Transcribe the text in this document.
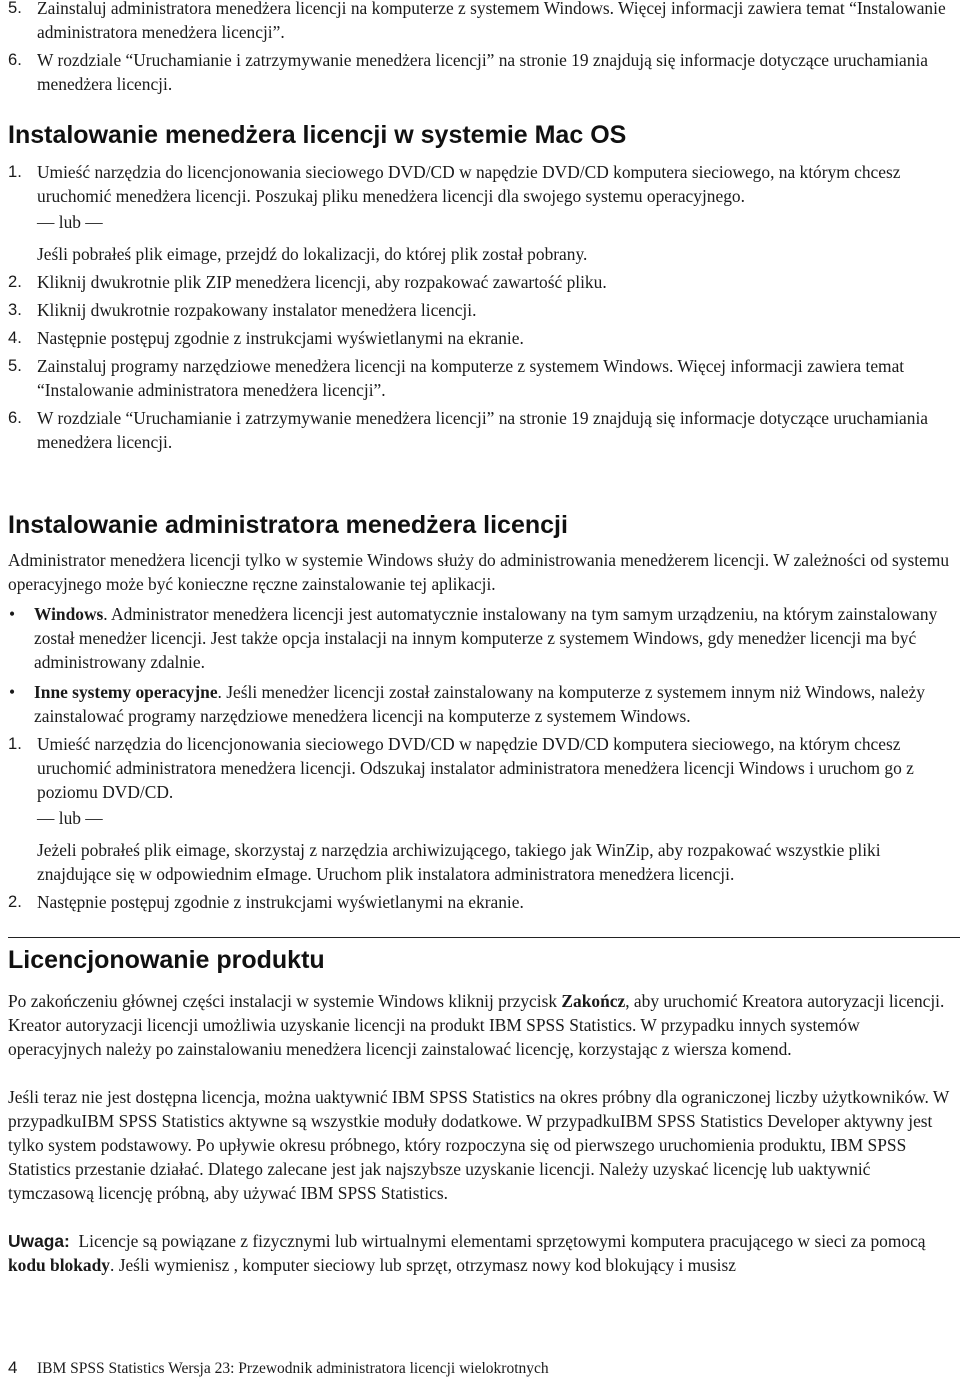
5. Zainstaluj administratora menedżera licencji na komputerze z systemem Windows. Więcej informacji zawiera temat “Instalowanie administratora menedżera licencji”.
6. W rozdziale “Uruchamianie i zatrzymywanie menedżera licencji” na stronie 19 znajdują się informacje dotyczące uruchamiania menedżera licencji.
Instalowanie menedżera licencji w systemie Mac OS
1. Umieść narzędzia do licencjonowania sieciowego DVD/CD w napędzie DVD/CD komputera sieciowego, na którym chcesz uruchomić menedżera licencji. Poszukaj pliku menedżera licencji dla swojego systemu operacyjnego.

— lub —

Jeśli pobrałeś plik eimage, przejdź do lokalizacji, do której plik został pobrany.

2. Kliknij dwukrotnie plik ZIP menedżera licencji, aby rozpakować zawartość pliku.
3. Kliknij dwukrotnie rozpakowany instalator menedżera licencji.
4. Następnie postępuj zgodnie z instrukcjami wyświetlanymi na ekranie.
5. Zainstaluj programy narzędziowe menedżera licencji na komputerze z systemem Windows. Więcej informacji zawiera temat “Instalowanie administratora menedżera licencji”.
6. W rozdziale “Uruchamianie i zatrzymywanie menedżera licencji” na stronie 19 znajdują się informacje dotyczące uruchamiania menedżera licencji.
Instalowanie administratora menedżera licencji

Administrator menedżera licencji tylko w systemie Windows służy do administrowania menedżerem licencji. W zależności od systemu operacyjnego może być konieczne ręczne zainstalowanie tej aplikacji.

•	Windows. Administrator menedżera licencji jest automatycznie instalowany na tym samym urządzeniu, na którym zainstalowany został menedżer licencji. Jest także opcja instalacji na innym komputerze z systemem Windows, gdy menedżer licencji ma być administrowany zdalnie.
•	Inne systemy operacyjne. Jeśli menedżer licencji został zainstalowany na komputerze z systemem innym niż Windows, należy zainstalować programy narzędziowe menedżera licencji na komputerze z systemem Windows.
1. Umieść narzędzia do licencjonowania sieciowego DVD/CD w napędzie DVD/CD komputera sieciowego, na którym chcesz uruchomić administratora menedżera licencji. Odszukaj instalator administratora menedżera licencji Windows i uruchom go z poziomu DVD/CD.

— lub —

Jeżeli pobrałeś plik eimage, skorzystaj z narzędzia archiwizującego, takiego jak WinZip, aby rozpakować wszystkie pliki znajdujące się w odpowiednim eImage. Uruchom plik instalatora administratora menedżera licencji.

2. Następnie postępuj zgodnie z instrukcjami wyświetlanymi na ekranie.
Licencjonowanie produktu

Po zakończeniu głównej części instalacji w systemie Windows kliknij przycisk Zakończ, aby uruchomić Kreatora autoryzacji licencji. Kreator autoryzacji licencji umożliwia uzyskanie licencji na produkt IBM SPSS Statistics. W przypadku innych systemów operacyjnych należy po zainstalowaniu menedżera licencji zainstalować licencję, korzystając z wiersza komend.

Jeśli teraz nie jest dostępna licencja, można uaktywnić IBM SPSS Statistics na okres próbny dla ograniczonej liczby użytkowników. W przypadkuIBM SPSS Statistics aktywne są wszystkie moduły dodatkowe. W przypadkuIBM SPSS Statistics Developer aktywny jest tylko system podstawowy. Po upływie okresu próbnego, który rozpoczyna się od pierwszego uruchomienia produktu, IBM SPSS Statistics przestanie działać. Dlatego zalecane jest jak najszybsze uzyskanie licencji. Należy uzyskać licencję lub uaktywnić tymczasową licencję próbną, aby używać IBM SPSS Statistics.

Uwaga:  Licencje są powiązane z fizycznymi lub wirtualnymi elementami sprzętowymi komputera pracującego w sieci za pomocą kodu blokady. Jeśli wymienisz , komputer sieciowy lub sprzęt, otrzymasz nowy kod blokujący i musisz

4	IBM SPSS Statistics Wersja 23: Przewodnik administratora licencji wielokrotnych
